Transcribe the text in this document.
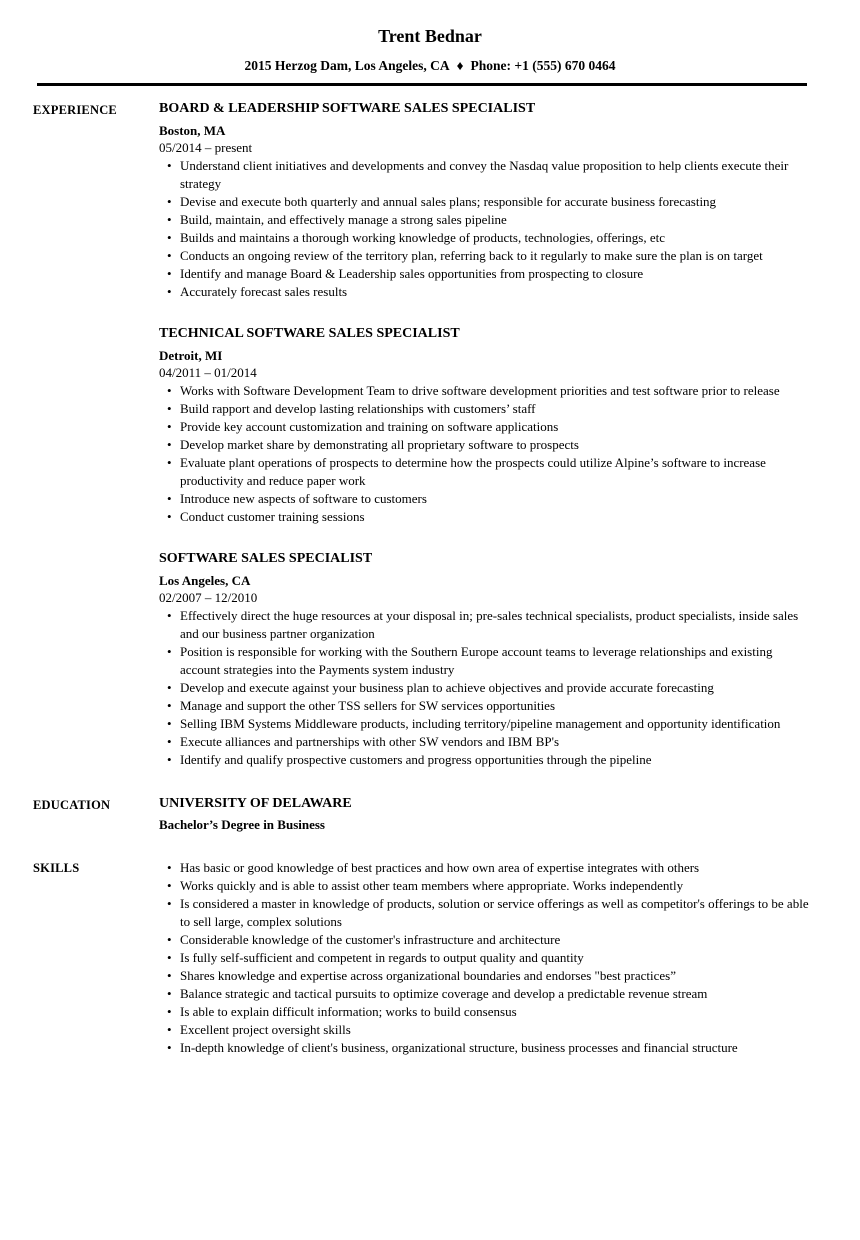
Trent Bednar
2015 Herzog Dam, Los Angeles, CA ♦ Phone: +1 (555) 670 0464
EXPERIENCE	BOARD & LEADERSHIP SOFTWARE SALES SPECIALIST
Boston, MA
05/2014 – present
• Understand client initiatives and developments and convey the Nasdaq value proposition to help clients execute their strategy
• Devise and execute both quarterly and annual sales plans; responsible for accurate business forecasting
• Build, maintain, and effectively manage a strong sales pipeline
• Builds and maintains a thorough working knowledge of products, technologies, offerings, etc
• Conducts an ongoing review of the territory plan, referring back to it regularly to make sure the plan is on target
• Identify and manage Board & Leadership sales opportunities from prospecting to closure
• Accurately forecast sales results
TECHNICAL SOFTWARE SALES SPECIALIST
Detroit, MI
04/2011 – 01/2014
• Works with Software Development Team to drive software development priorities and test software prior to release
• Build rapport and develop lasting relationships with customers’ staff
• Provide key account customization and training on software applications
• Develop market share by demonstrating all proprietary software to prospects
• Evaluate plant operations of prospects to determine how the prospects could utilize Alpine’s software to increase productivity and reduce paper work
• Introduce new aspects of software to customers
• Conduct customer training sessions
SOFTWARE SALES SPECIALIST
Los Angeles, CA
02/2007 – 12/2010
• Effectively direct the huge resources at your disposal in; pre-sales technical specialists, product specialists, inside sales and our business partner organization
• Position is responsible for working with the Southern Europe account teams to leverage relationships and existing account strategies into the Payments system industry
• Develop and execute against your business plan to achieve objectives and provide accurate forecasting
• Manage and support the other TSS sellers for SW services opportunities
• Selling IBM Systems Middleware products, including territory/pipeline management and opportunity identification
• Execute alliances and partnerships with other SW vendors and IBM BP's
• Identify and qualify prospective customers and progress opportunities through the pipeline
EDUCATION	UNIVERSITY OF DELAWARE
Bachelor’s Degree in Business
SKILLS	• Has basic or good knowledge of best practices and how own area of expertise integrates with others
• Works quickly and is able to assist other team members where appropriate. Works independently
• Is considered a master in knowledge of products, solution or service offerings as well as competitor's offerings to be able to sell large, complex solutions
• Considerable knowledge of the customer's infrastructure and architecture
• Is fully self-sufficient and competent in regards to output quality and quantity
• Shares knowledge and expertise across organizational boundaries and endorses "best practices”
• Balance strategic and tactical pursuits to optimize coverage and develop a predictable revenue stream
• Is able to explain difficult information; works to build consensus
• Excellent project oversight skills
• In-depth knowledge of client's business, organizational structure, business processes and financial structure
